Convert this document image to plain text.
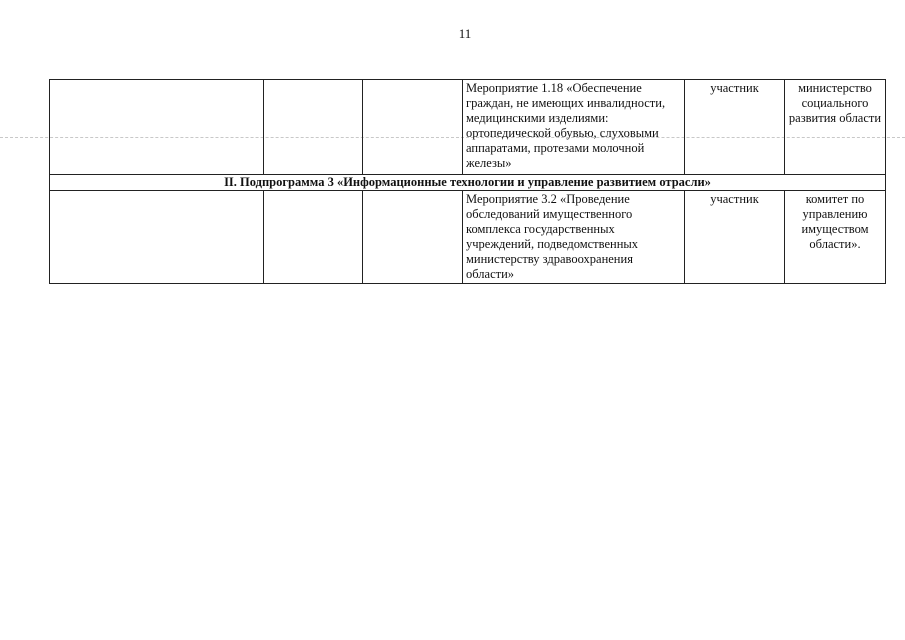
11
			Мероприятие 1.18 «Обеспечение граждан, не имеющих инвалидности, медицинскими изделиями: ортопедической обувью, слуховыми аппаратами, протезами молочной железы»	участник	министерство социального развития области
II. Подпрограмма 3 «Информационные технологии и управление развитием отрасли»					
			Мероприятие 3.2 «Проведение обследований имущественного комплекса государственных учреждений, подведомственных министерству здравоохранения области»	участник	комитет по управлению имуществом области».
